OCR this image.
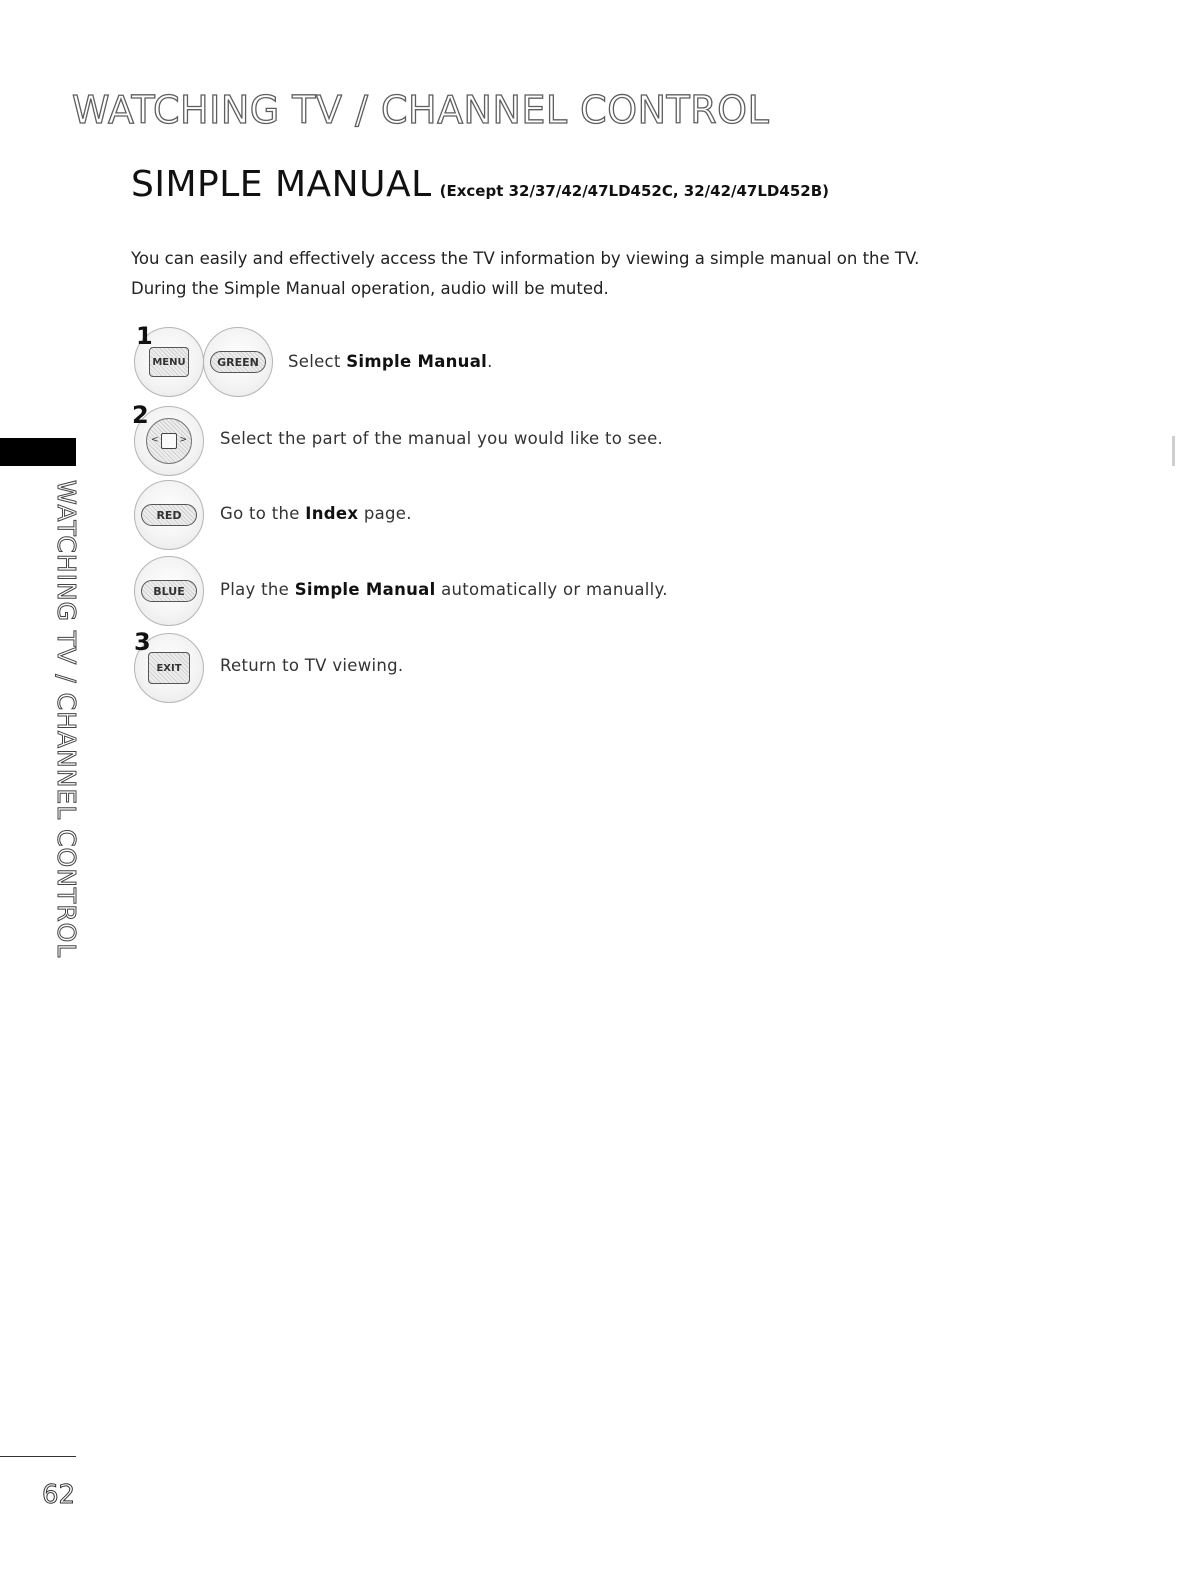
WATCHING TV / CHANNEL CONTROL
SIMPLE MANUAL (Except 32/37/42/47LD452C, 32/42/47LD452B)

You can easily and effectively access the TV information by viewing a simple manual on the TV.

During the Simple Manual operation, audio will be muted.

1
MENU	GREEN	Select Simple Manual.
2
< > Select the part of the manual you would like to see.
RED	Go to the Index page.
BLUE	Play the Simple Manual automatically or manually.
3
EXIT	Return to TV viewing.
WATCHING TV / CHANNEL CONTROL
62
